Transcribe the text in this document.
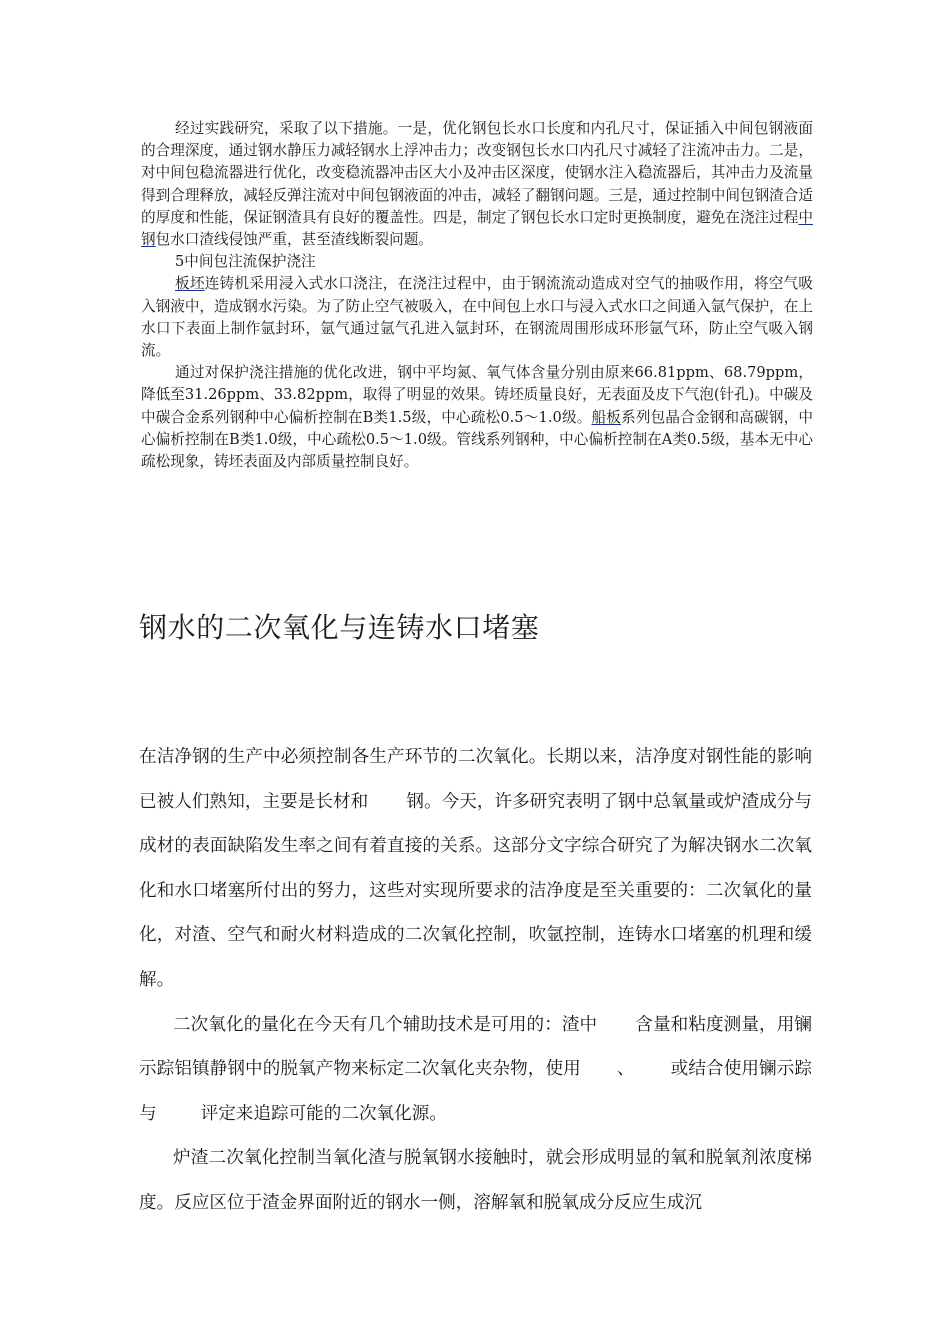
经过实践研究，采取了以下措施。一是，优化钢包长水口长度和内孔尺寸，保证插入中间包钢液面的合理深度，通过钢水静压力减轻钢水上浮冲击力；改变钢包长水口内孔尺寸减轻了注流冲击力。二是，对中间包稳流器进行优化，改变稳流器冲击区大小及冲击区深度，使钢水注入稳流器后，其冲击力及流量得到合理释放，减轻反弹注流对中间包钢液面的冲击，减轻了翻钢问题。三是，通过控制中间包钢渣合适的厚度和性能，保证钢渣具有良好的覆盖性。四是，制定了钢包长水口定时更换制度，避免在浇注过程中钢包水口渣线侵蚀严重，甚至渣线断裂问题。

5中间包注流保护浇注

板坯连铸机采用浸入式水口浇注，在浇注过程中，由于钢流流动造成对空气的抽吸作用，将空气吸入钢液中，造成钢水污染。为了防止空气被吸入，在中间包上水口与浸入式水口之间通入氩气保护，在上水口下表面上制作氩封环，氩气通过氩气孔进入氩封环，在钢流周围形成环形氩气环，防止空气吸入钢流。

通过对保护浇注措施的优化改进，钢中平均氮、氧气体含量分别由原来66.81ppm、68.79ppm，降低至31.26ppm、33.82ppm，取得了明显的效果。铸坯质量良好，无表面及皮下气泡(针孔)。中碳及中碳合金系列钢种中心偏析控制在B类1.5级，中心疏松0.5～1.0级。船板系列包晶合金钢和高碳钢，中心偏析控制在B类1.0级，中心疏松0.5～1.0级。管线系列钢种，中心偏析控制在A类0.5级，基本无中心疏松现象，铸坯表面及内部质量控制良好。

钢水的二次氧化与连铸水口堵塞

在洁净钢的生产中必须控制各生产环节的二次氧化。长期以来，洁净度对钢性能的影响已被人们熟知，主要是长材和 钢。今天，许多研究表明了钢中总氧量或炉渣成分与成材的表面缺陷发生率之间有着直接的关系。这部分文字综合研究了为解决钢水二次氧化和水口堵塞所付出的努力，这些对实现所要求的洁净度是至关重要的：二次氧化的量化，对渣、空气和耐火材料造成的二次氧化控制，吹氩控制，连铸水口堵塞的机理和缓解。

二次氧化的量化在今天有几个辅助技术是可用的：渣中 含量和粘度测量，用镧示踪铝镇静钢中的脱氧产物来标定二次氧化夹杂物，使用 、 或结合使用镧示踪与	评定来追踪可能的二次氧化源。

炉渣二次氧化控制当氧化渣与脱氧钢水接触时，就会形成明显的氧和脱氧剂浓度梯度。反应区位于渣金界面附近的钢水一侧，溶解氧和脱氧成分反应生成沉
